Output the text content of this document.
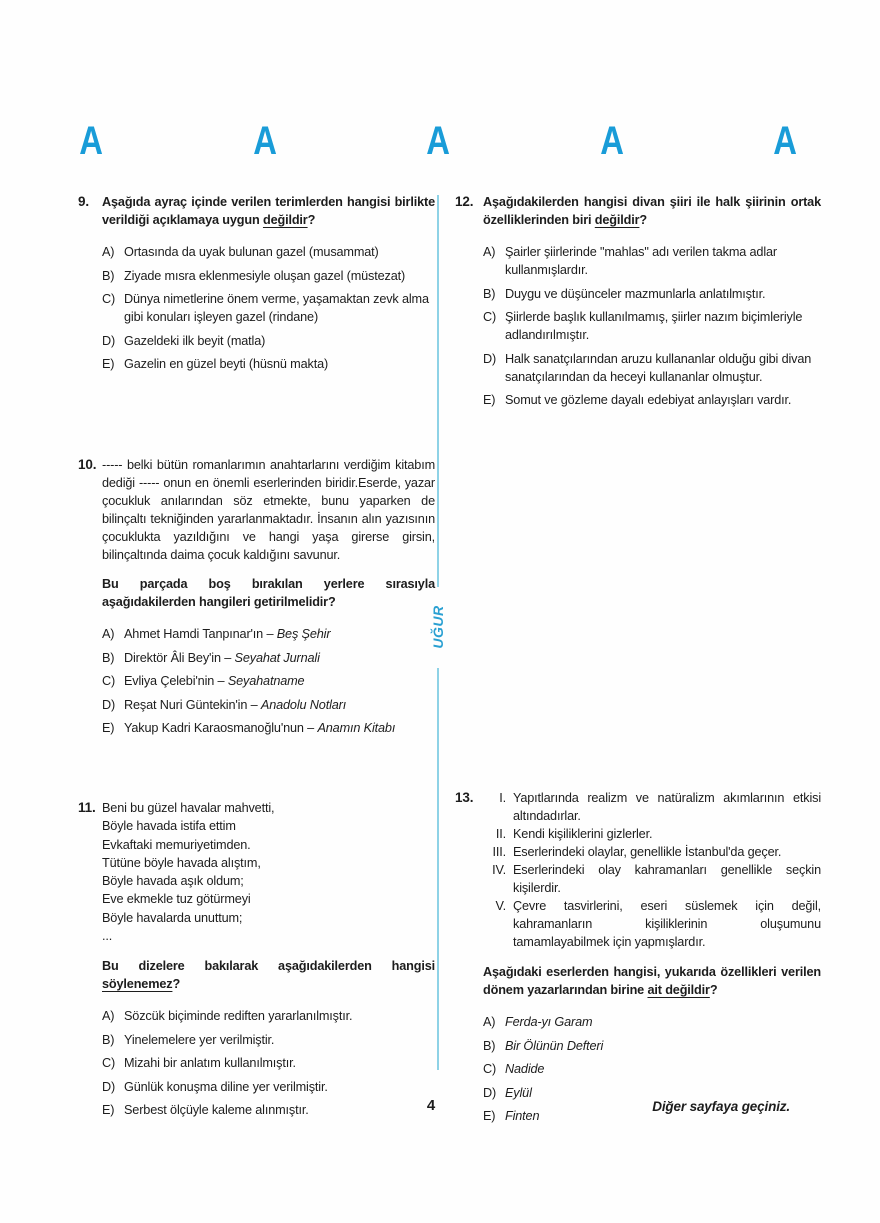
A	A	A	A	A
UĞUR
9.	Aşağıda ayraç içinde verilen terimlerden hangisi birlikte verildiği açıklamaya uygun değildir?

A) Ortasında da uyak bulunan gazel (musammat)
B) Ziyade mısra eklenmesiyle oluşan gazel (müstezat)
C) Dünya nimetlerine önem verme, yaşamaktan zevk alma gibi konuları işleyen gazel (rindane)
D) Gazeldeki ilk beyit (matla)
E) Gazelin en güzel beyti (hüsnü makta)
10. ----- belki bütün romanlarımın anahtarlarını verdiğim kitabım dediği ----- onun en önemli eserlerinden biridir.Eserde, yazar çocukluk anılarından söz etmekte, bunu yaparken de bilinçaltı tekniğinden yararlanmaktadır. İnsanın alın yazısının çocuklukta yazıldığını ve hangi yaşa girerse girsin, bilinçaltında daima çocuk kaldığını savunur.

Bu parçada boş bırakılan yerlere sırasıyla aşağıdakilerden hangileri getirilmelidir?

A) Ahmet Hamdi Tanpınar'ın – Beş Şehir
B) Direktör Âli Bey'in – Seyahat Jurnali
C) Evliya Çelebi'nin – Seyahatname
D) Reşat Nuri Güntekin'in – Anadolu Notları
E) Yakup Kadri Karaosmanoğlu'nun – Anamın Kitabı
11. Beni bu güzel havalar mahvetti,
Böyle havada istifa ettim
Evkaftaki memuriyetimden.
Tütüne böyle havada alıştım,
Böyle havada aşık oldum;
Eve ekmekle tuz götürmeyi
Böyle havalarda unuttum;
...

Bu dizelere bakılarak aşağıdakilerden hangisi söylenemez?

A) Sözcük biçiminde rediften yararlanılmıştır.
B) Yinelemelere yer verilmiştir.
C) Mizahi bir anlatım kullanılmıştır.
D) Günlük konuşma diline yer verilmiştir.
E) Serbest ölçüyle kaleme alınmıştır.
12. Aşağıdakilerden hangisi divan şiiri ile halk şiirinin ortak özelliklerinden biri değildir?

A) Şairler şiirlerinde "mahlas" adı verilen takma adlar kullanmışlardır.
B) Duygu ve düşünceler mazmunlarla anlatılmıştır.
C) Şiirlerde başlık kullanılmamış, şiirler nazım biçimleriyle adlandırılmıştır.
D) Halk sanatçılarından aruzu kullananlar olduğu gibi divan sanatçılarından da heceyi kullananlar olmuştur.
E) Somut ve gözleme dayalı edebiyat anlayışları vardır.
13.	I. Yapıtlarında realizm ve natüralizm akımlarının etkisi altındadırlar.
II. Kendi kişiliklerini gizlerler.
III. Eserlerindeki olaylar, genellikle İstanbul'da geçer.
IV. Eserlerindeki olay kahramanları genellikle seçkin kişilerdir.
V. Çevre tasvirlerini, eseri süslemek için değil, kahramanların kişiliklerinin oluşumunu tamamlayabilmek için yapmışlardır.

Aşağıdaki eserlerden hangisi, yukarıda özellikleri verilen dönem yazarlarından birine ait değildir?

A) Ferda-yı Garam
B) Bir Ölünün Defteri
C) Nadide
D) Eylül
E) Finten
4	Diğer sayfaya geçiniz.
